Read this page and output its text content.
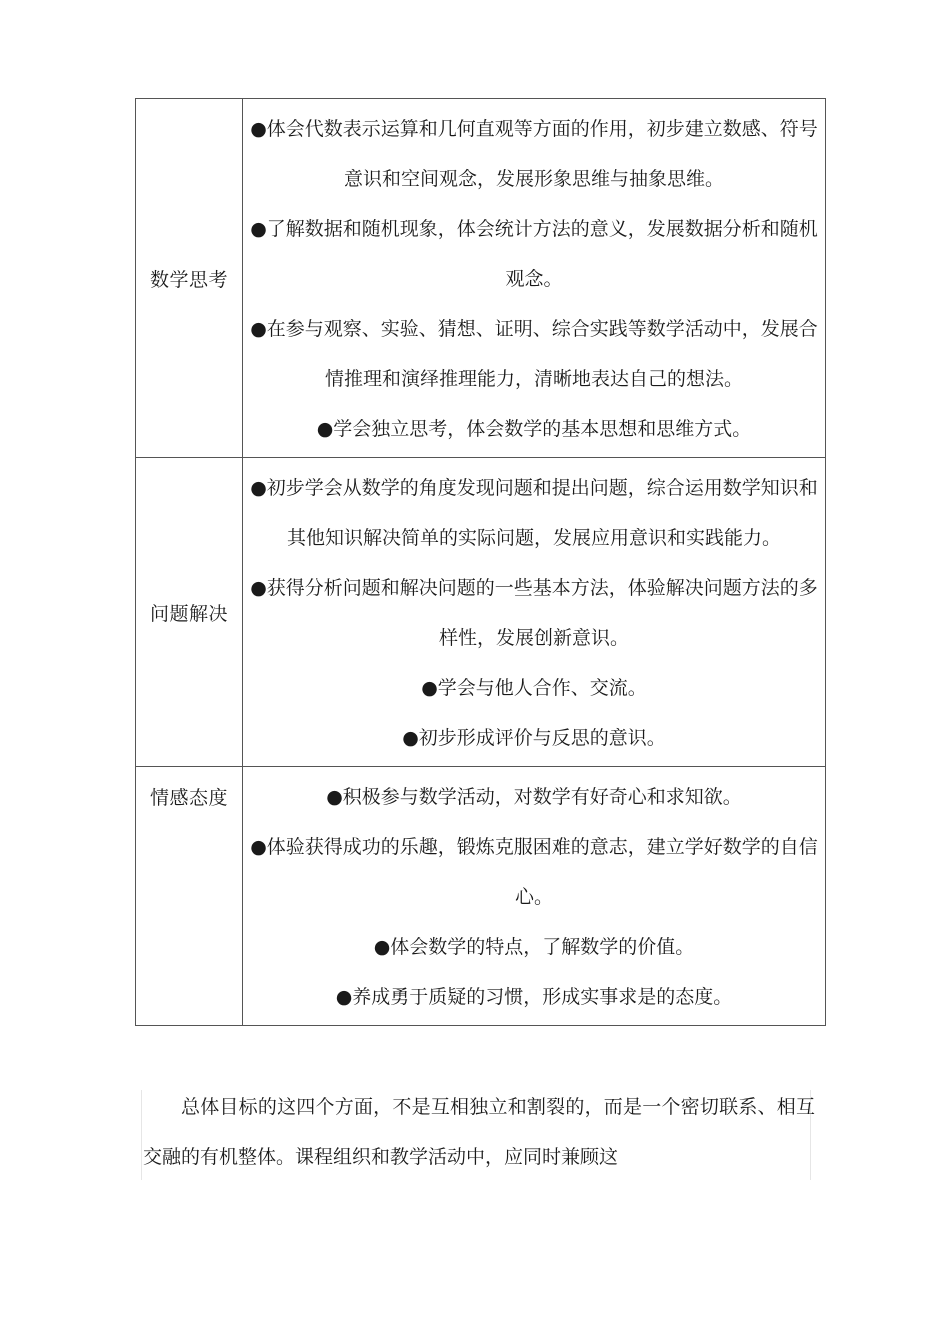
数学思考	●体会代数表示运算和几何直观等方面的作用，初步建立数感、符号意识和空间观念，发展形象思维与抽象思维。
●了解数据和随机现象，体会统计方法的意义，发展数据分析和随机观念。
●在参与观察、实验、猜想、证明、综合实践等数学活动中，发展合情推理和演绎推理能力，清晰地表达自己的想法。
●学会独立思考，体会数学的基本思想和思维方式。

问题解决	●初步学会从数学的角度发现问题和提出问题，综合运用数学知识和其他知识解决简单的实际问题，发展应用意识和实践能力。
●获得分析问题和解决问题的一些基本方法，体验解决问题方法的多样性，发展创新意识。
●学会与他人合作、交流。
●初步形成评价与反思的意识。

情感态度	●积极参与数学活动，对数学有好奇心和求知欲。
●体验获得成功的乐趣，锻炼克服困难的意志，建立学好数学的自信心。
●体会数学的特点，了解数学的价值。
●养成勇于质疑的习惯，形成实事求是的态度。
总体目标的这四个方面，不是互相独立和割裂的，而是一个密切联系、相互交融的有机整体。课程组织和教学活动中，应同时兼顾这
